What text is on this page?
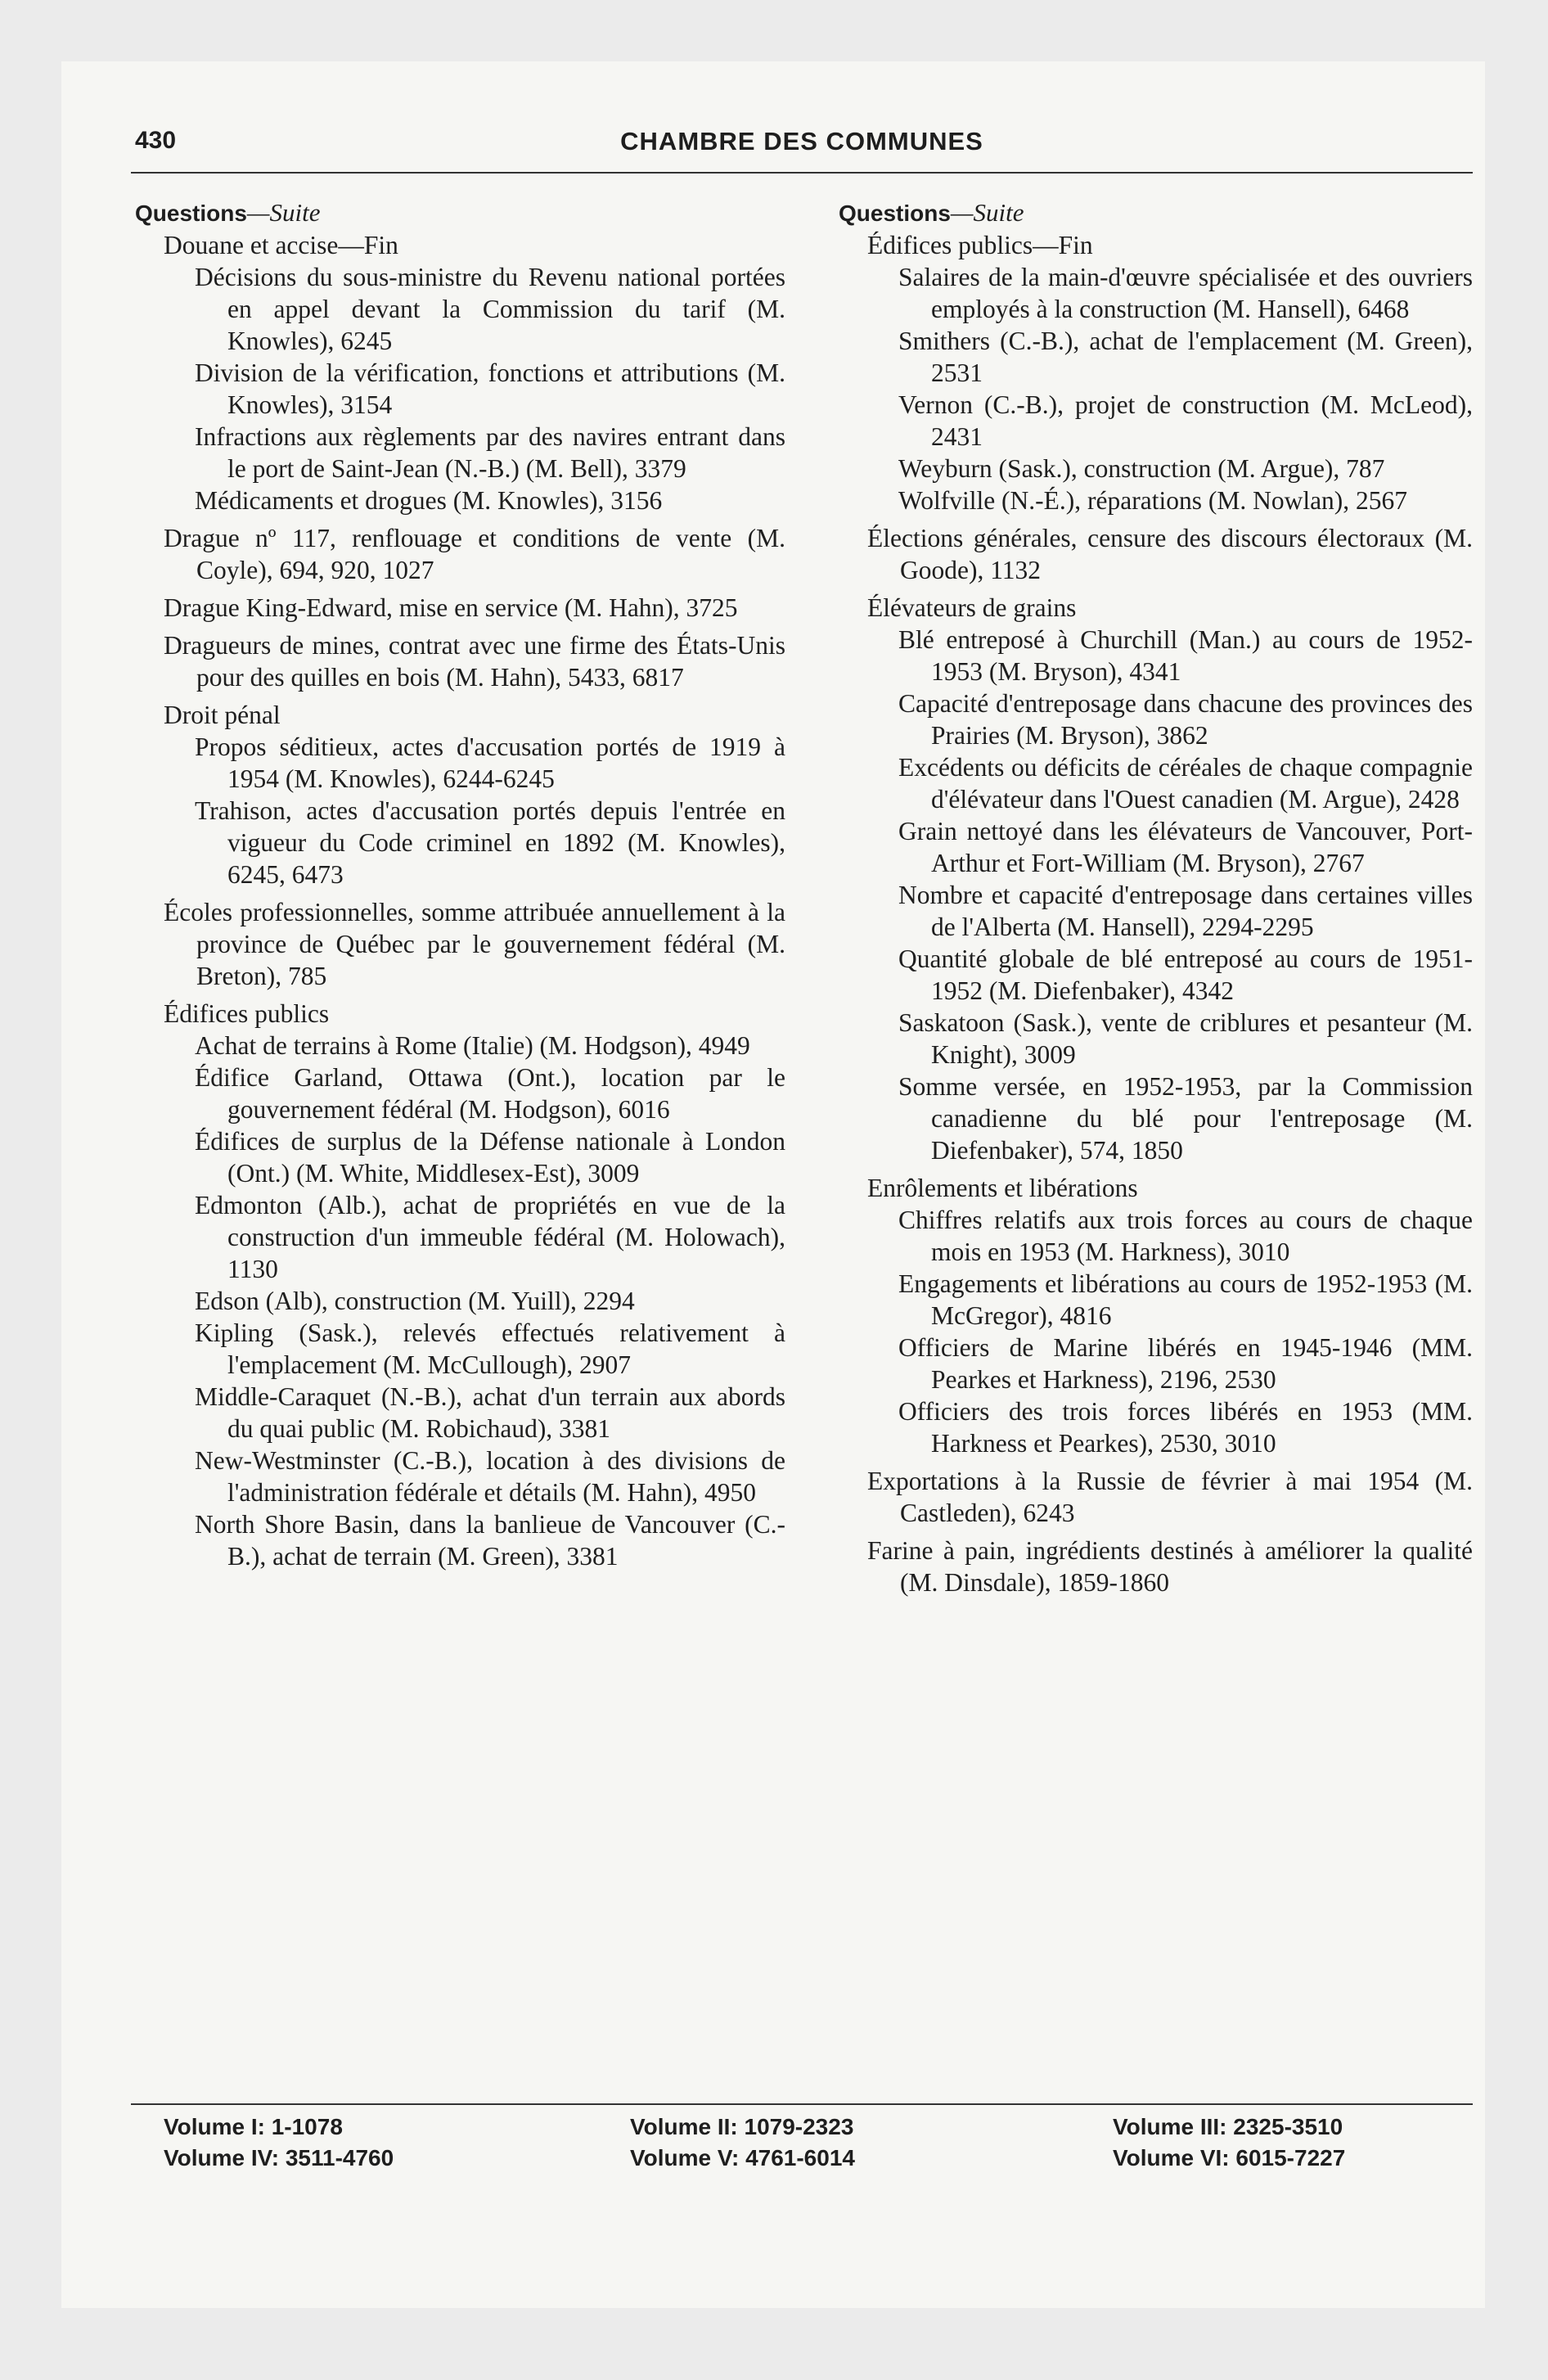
430	CHAMBRE DES COMMUNES
Questions—Suite

Douane et accise—Fin

Décisions du sous-ministre du Revenu national portées en appel devant la Commission du tarif (M. Knowles), 6245

Division de la vérification, fonctions et attributions (M. Knowles), 3154

Infractions aux règlements par des navires entrant dans le port de Saint-Jean (N.-B.) (M. Bell), 3379

Médicaments et drogues (M. Knowles), 3156

Drague nº 117, renflouage et conditions de vente (M. Coyle), 694, 920, 1027

Drague King-Edward, mise en service (M. Hahn), 3725

Dragueurs de mines, contrat avec une firme des États-Unis pour des quilles en bois (M. Hahn), 5433, 6817

Droit pénal

Propos séditieux, actes d'accusation portés de 1919 à 1954 (M. Knowles), 6244-6245

Trahison, actes d'accusation portés depuis l'entrée en vigueur du Code criminel en 1892 (M. Knowles), 6245, 6473

Écoles professionnelles, somme attribuée annuellement à la province de Québec par le gouvernement fédéral (M. Breton), 785

Édifices publics

Achat de terrains à Rome (Italie) (M. Hodgson), 4949

Édifice Garland, Ottawa (Ont.), location par le gouvernement fédéral (M. Hodgson), 6016

Édifices de surplus de la Défense nationale à London (Ont.) (M. White, Middlesex-Est), 3009

Edmonton (Alb.), achat de propriétés en vue de la construction d'un immeuble fédéral (M. Holowach), 1130

Edson (Alb), construction (M. Yuill), 2294

Kipling (Sask.), relevés effectués relativement à l'emplacement (M. McCullough), 2907

Middle-Caraquet (N.-B.), achat d'un terrain aux abords du quai public (M. Robichaud), 3381

New-Westminster (C.-B.), location à des divisions de l'administration fédérale et détails (M. Hahn), 4950

North Shore Basin, dans la banlieue de Vancouver (C.-B.), achat de terrain (M. Green), 3381

Questions—Suite

Édifices publics—Fin

Salaires de la main-d'œuvre spécialisée et des ouvriers employés à la construction (M. Hansell), 6468

Smithers (C.-B.), achat de l'emplacement (M. Green), 2531

Vernon (C.-B.), projet de construction (M. McLeod), 2431

Weyburn (Sask.), construction (M. Argue), 787

Wolfville (N.-É.), réparations (M. Nowlan), 2567

Élections générales, censure des discours électoraux (M. Goode), 1132

Élévateurs de grains

Blé entreposé à Churchill (Man.) au cours de 1952-1953 (M. Bryson), 4341

Capacité d'entreposage dans chacune des provinces des Prairies (M. Bryson), 3862

Excédents ou déficits de céréales de chaque compagnie d'élévateur dans l'Ouest canadien (M. Argue), 2428

Grain nettoyé dans les élévateurs de Vancouver, Port-Arthur et Fort-William (M. Bryson), 2767

Nombre et capacité d'entreposage dans certaines villes de l'Alberta (M. Hansell), 2294-2295

Quantité globale de blé entreposé au cours de 1951-1952 (M. Diefenbaker), 4342

Saskatoon (Sask.), vente de criblures et pesanteur (M. Knight), 3009

Somme versée, en 1952-1953, par la Commission canadienne du blé pour l'entreposage (M. Diefenbaker), 574, 1850

Enrôlements et libérations

Chiffres relatifs aux trois forces au cours de chaque mois en 1953 (M. Harkness), 3010

Engagements et libérations au cours de 1952-1953 (M. McGregor), 4816

Officiers de Marine libérés en 1945-1946 (MM. Pearkes et Harkness), 2196, 2530

Officiers des trois forces libérés en 1953 (MM. Harkness et Pearkes), 2530, 3010

Exportations à la Russie de février à mai 1954 (M. Castleden), 6243

Farine à pain, ingrédients destinés à améliorer la qualité (M. Dinsdale), 1859-1860

Volume I: 1-1078	Volume II: 1079-2323	Volume III: 2325-3510
Volume IV: 3511-4760	Volume V: 4761-6014	Volume VI: 6015-7227
